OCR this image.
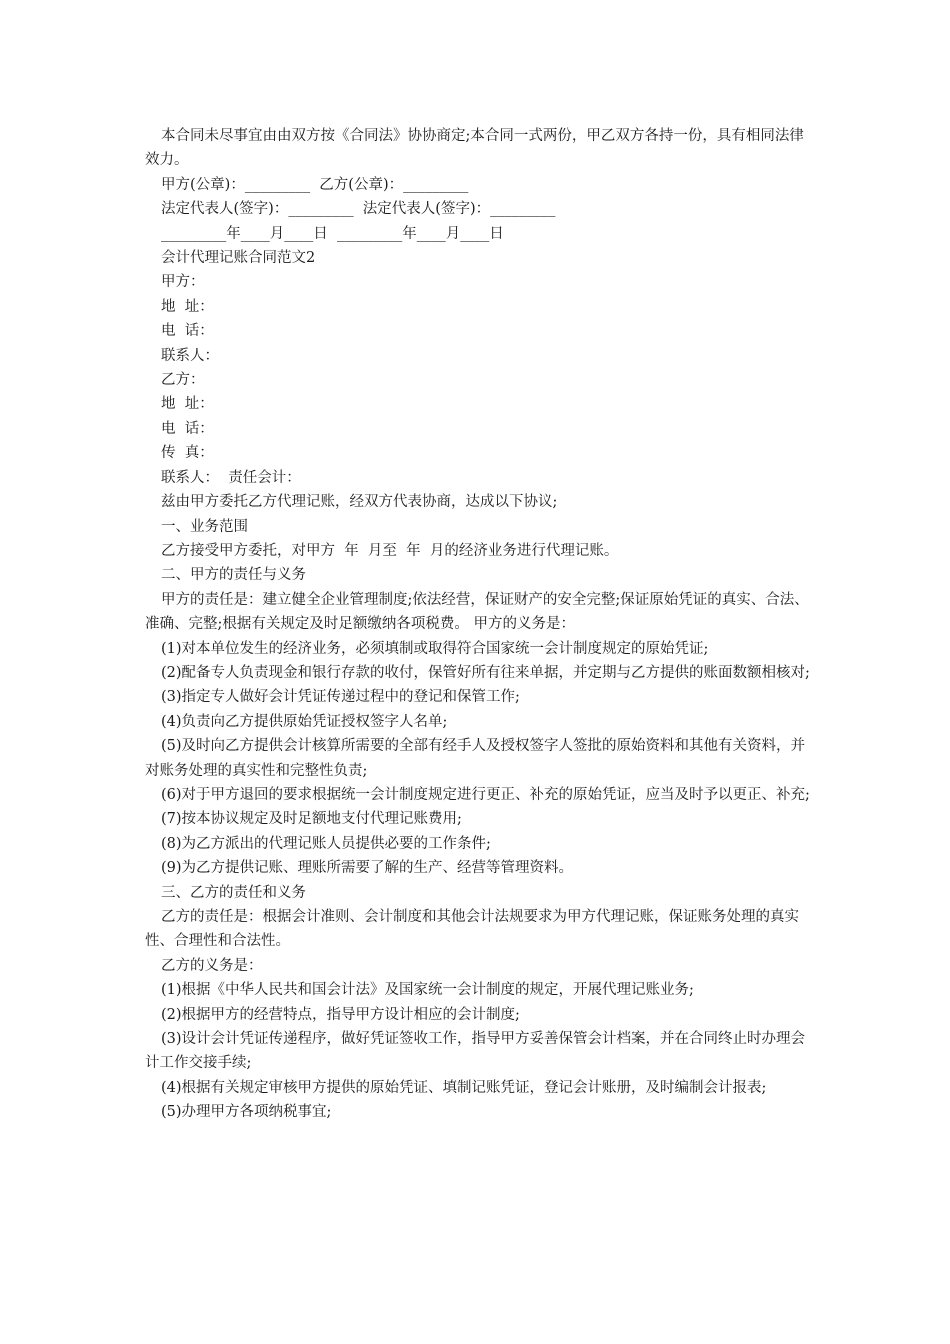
本合同未尽事宜由由双方按《合同法》协协商定;本合同一式两份，甲乙双方各持一份，具有相同法律效力。

甲方(公章)：_________  乙方(公章)：_________

法定代表人(签字)：_________  法定代表人(签字)：_________

_________年____月____日  _________年____月____日

会计代理记账合同范文2

甲方：

地  址：

电  话：

联系人：

乙方：

地  址：

电  话：

传  真：

联系人：  责任会计：

兹由甲方委托乙方代理记账，经双方代表协商，达成以下协议;

一、业务范围

乙方接受甲方委托，对甲方  年  月至  年  月的经济业务进行代理记账。

二、甲方的责任与义务

甲方的责任是：建立健全企业管理制度;依法经营，保证财产的安全完整;保证原始凭证的真实、合法、准确、完整;根据有关规定及时足额缴纳各项税费。 甲方的义务是：

(1)对本单位发生的经济业务，必须填制或取得符合国家统一会计制度规定的原始凭证;

(2)配备专人负责现金和银行存款的收付，保管好所有往来单据，并定期与乙方提供的账面数额相核对;

(3)指定专人做好会计凭证传递过程中的登记和保管工作;

(4)负责向乙方提供原始凭证授权签字人名单;

(5)及时向乙方提供会计核算所需要的全部有经手人及授权签字人签批的原始资料和其他有关资料，并对账务处理的真实性和完整性负责;

(6)对于甲方退回的要求根据统一会计制度规定进行更正、补充的原始凭证，应当及时予以更正、补充;

(7)按本协议规定及时足额地支付代理记账费用;

(8)为乙方派出的代理记账人员提供必要的工作条件;

(9)为乙方提供记账、理账所需要了解的生产、经营等管理资料。

三、乙方的责任和义务

乙方的责任是：根据会计准则、会计制度和其他会计法规要求为甲方代理记账，保证账务处理的真实性、合理性和合法性。

乙方的义务是：

(1)根据《中华人民共和国会计法》及国家统一会计制度的规定，开展代理记账业务;

(2)根据甲方的经营特点，指导甲方设计相应的会计制度;

(3)设计会计凭证传递程序，做好凭证签收工作，指导甲方妥善保管会计档案，并在合同终止时办理会计工作交接手续;

(4)根据有关规定审核甲方提供的原始凭证、填制记账凭证，登记会计账册，及时编制会计报表;

(5)办理甲方各项纳税事宜;
